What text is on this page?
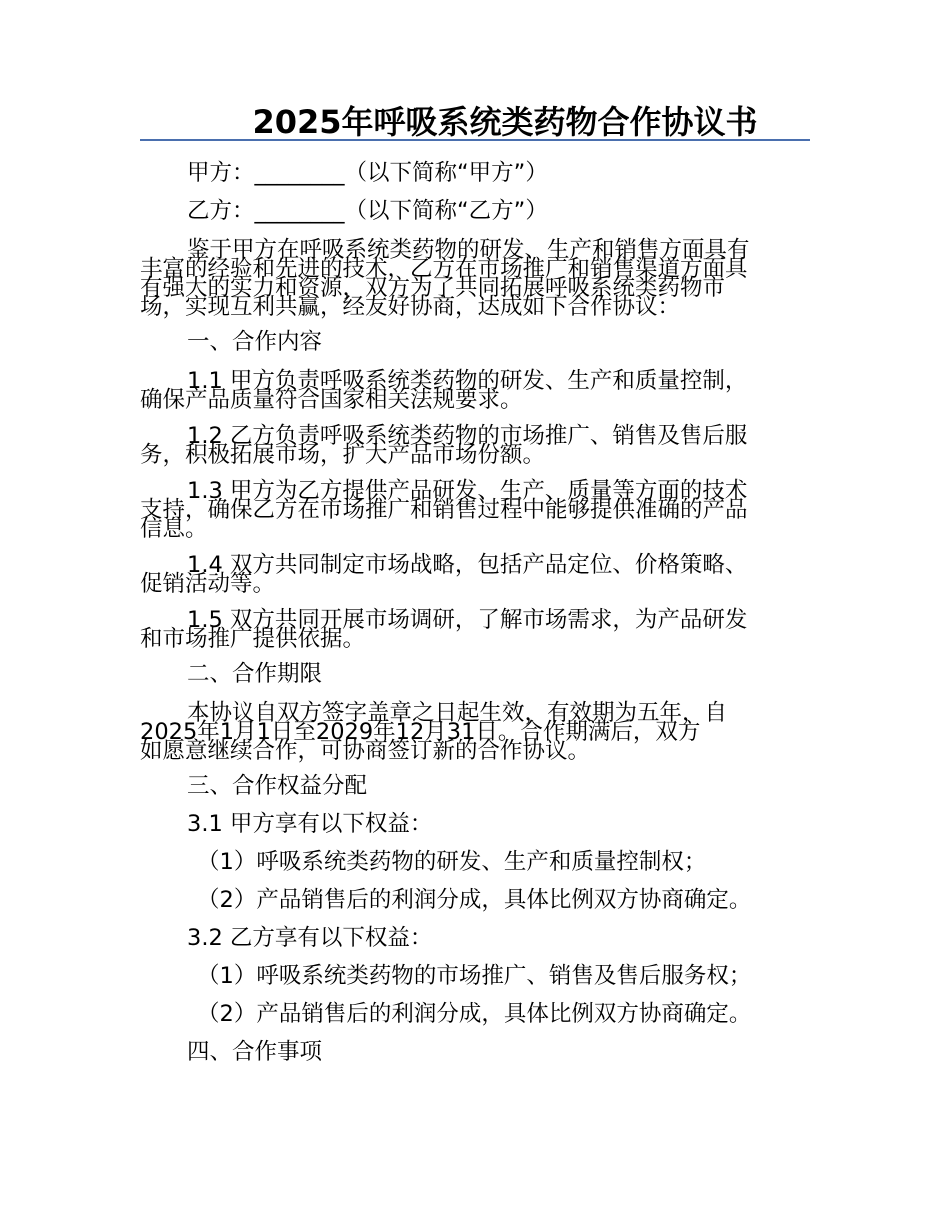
2025年呼吸系统类药物合作协议书
甲方：________（以下简称“甲方”）
乙方：________（以下简称“乙方”）
鉴于甲方在呼吸系统类药物的研发、生产和销售方面具有
丰富的经验和先进的技术，乙方在市场推广和销售渠道方面具
有强大的实力和资源，双方为了共同拓展呼吸系统类药物市
场，实现互利共赢，经友好协商，达成如下合作协议：
一、合作内容
1.1 甲方负责呼吸系统类药物的研发、生产和质量控制，
确保产品质量符合国家相关法规要求。
1.2 乙方负责呼吸系统类药物的市场推广、销售及售后服
务，积极拓展市场，扩大产品市场份额。
1.3 甲方为乙方提供产品研发、生产、质量等方面的技术
支持，确保乙方在市场推广和销售过程中能够提供准确的产品
信息。
1.4 双方共同制定市场战略，包括产品定位、价格策略、
促销活动等。
1.5 双方共同开展市场调研，了解市场需求，为产品研发
和市场推广提供依据。
二、合作期限
本协议自双方签字盖章之日起生效，有效期为五年，自
2025年1月1日至2029年12月31日。合作期满后，双方
如愿意继续合作，可协商签订新的合作协议。
三、合作权益分配
3.1 甲方享有以下权益：
（1）呼吸系统类药物的研发、生产和质量控制权；
（2）产品销售后的利润分成，具体比例双方协商确定。
3.2 乙方享有以下权益：
（1）呼吸系统类药物的市场推广、销售及售后服务权；
（2）产品销售后的利润分成，具体比例双方协商确定。
四、合作事项
